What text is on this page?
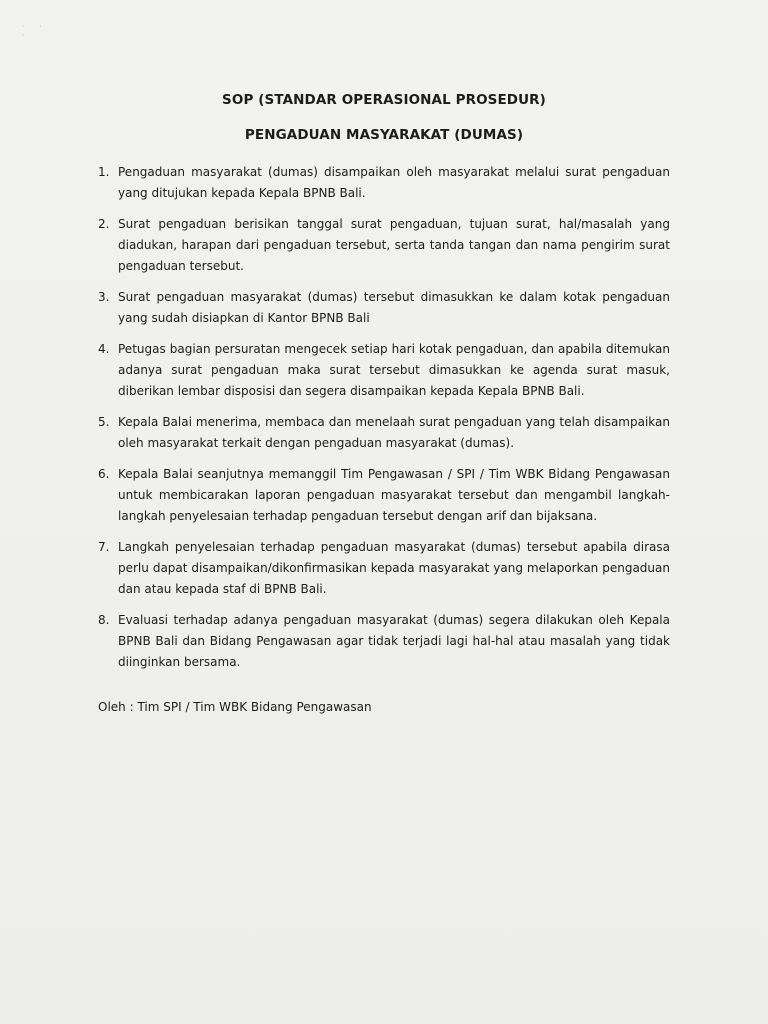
· · ·
SOP (STANDAR OPERASIONAL PROSEDUR)
PENGADUAN MASYARAKAT (DUMAS)
1. Pengaduan masyarakat (dumas) disampaikan oleh masyarakat melalui surat pengaduan yang ditujukan kepada Kepala BPNB Bali.
2. Surat pengaduan berisikan tanggal surat pengaduan, tujuan surat, hal/masalah yang diadukan, harapan dari pengaduan tersebut, serta tanda tangan dan nama pengirim surat pengaduan tersebut.
3. Surat pengaduan masyarakat (dumas) tersebut dimasukkan ke dalam kotak pengaduan yang sudah disiapkan di Kantor BPNB Bali
4. Petugas bagian persuratan mengecek setiap hari kotak pengaduan, dan apabila ditemukan adanya surat pengaduan maka surat tersebut dimasukkan ke agenda surat masuk, diberikan lembar disposisi dan segera disampaikan kepada Kepala BPNB Bali.
5. Kepala Balai menerima, membaca dan menelaah surat pengaduan yang telah disampaikan oleh masyarakat terkait dengan pengaduan masyarakat (dumas).
6. Kepala Balai seanjutnya memanggil Tim Pengawasan / SPI / Tim WBK Bidang Pengawasan untuk membicarakan laporan pengaduan masyarakat tersebut dan mengambil langkah-langkah penyelesaian terhadap pengaduan tersebut dengan arif dan bijaksana.
7. Langkah penyelesaian terhadap pengaduan masyarakat (dumas) tersebut apabila dirasa perlu dapat disampaikan/dikonfirmasikan kepada masyarakat yang melaporkan pengaduan dan atau kepada staf di BPNB Bali.
8. Evaluasi terhadap adanya pengaduan masyarakat (dumas) segera dilakukan oleh Kepala BPNB Bali dan Bidang Pengawasan agar tidak terjadi lagi hal-hal atau masalah yang tidak diinginkan bersama.
Oleh : Tim SPI / Tim WBK Bidang Pengawasan
